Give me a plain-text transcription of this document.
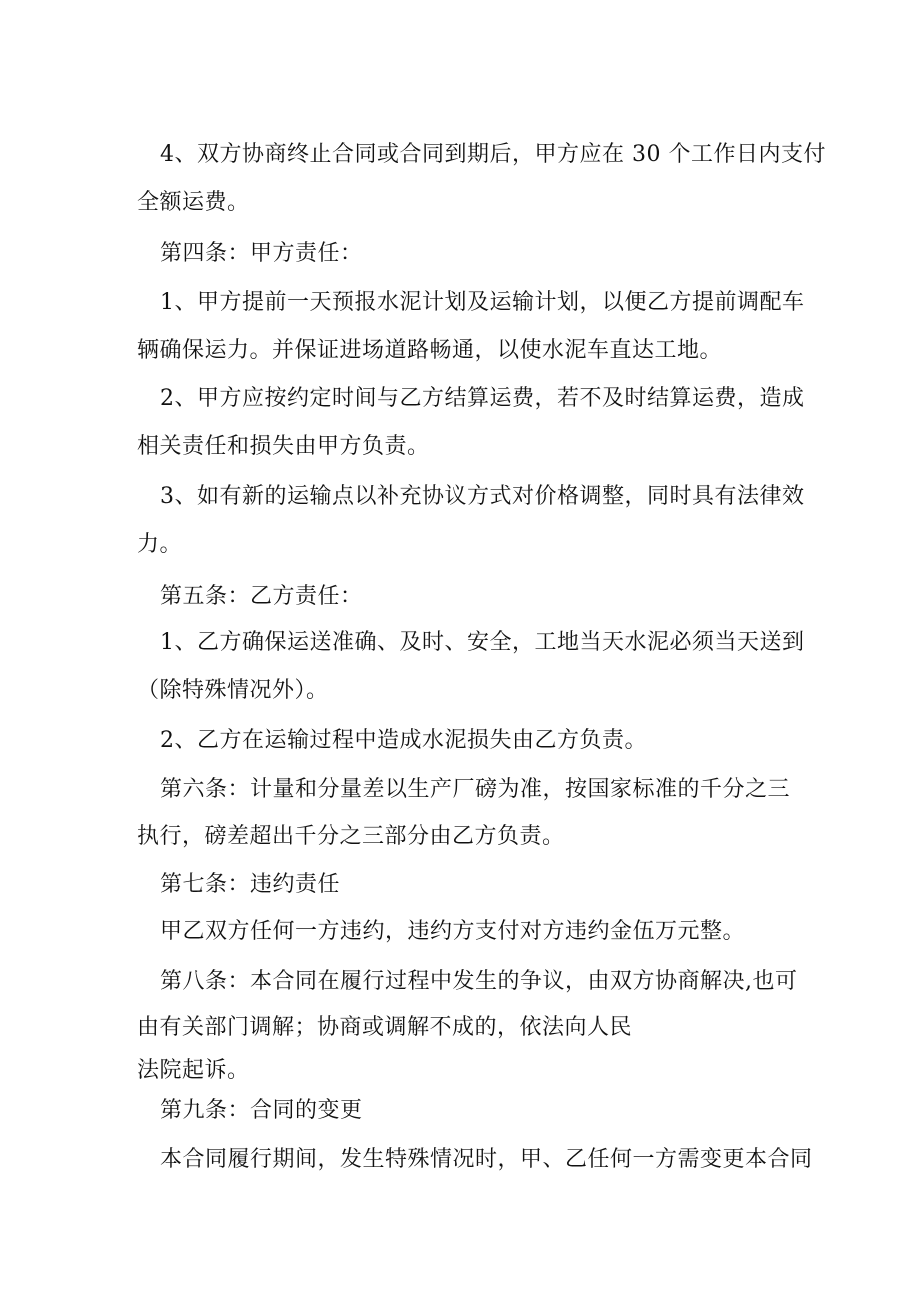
4、双方协商终止合同或合同到期后，甲方应在 30 个工作日内支付
全额运费。
第四条：甲方责任：
1、甲方提前一天预报水泥计划及运输计划，以便乙方提前调配车
辆确保运力。并保证进场道路畅通，以使水泥车直达工地。
2、甲方应按约定时间与乙方结算运费，若不及时结算运费，造成
相关责任和损失由甲方负责。
3、如有新的运输点以补充协议方式对价格调整，同时具有法律效
力。
第五条：乙方责任：
1、乙方确保运送准确、及时、安全，工地当天水泥必须当天送到
（除特殊情况外）。
2、乙方在运输过程中造成水泥损失由乙方负责。
第六条：计量和分量差以生产厂磅为准，按国家标准的千分之三
执行，磅差超出千分之三部分由乙方负责。
第七条：违约责任
甲乙双方任何一方违约，违约方支付对方违约金伍万元整。
第八条：本合同在履行过程中发生的争议，由双方协商解决,也可
由有关部门调解；协商或调解不成的，依法向人民
法院起诉。
第九条：合同的变更
本合同履行期间，发生特殊情况时，甲、乙任何一方需变更本合同
